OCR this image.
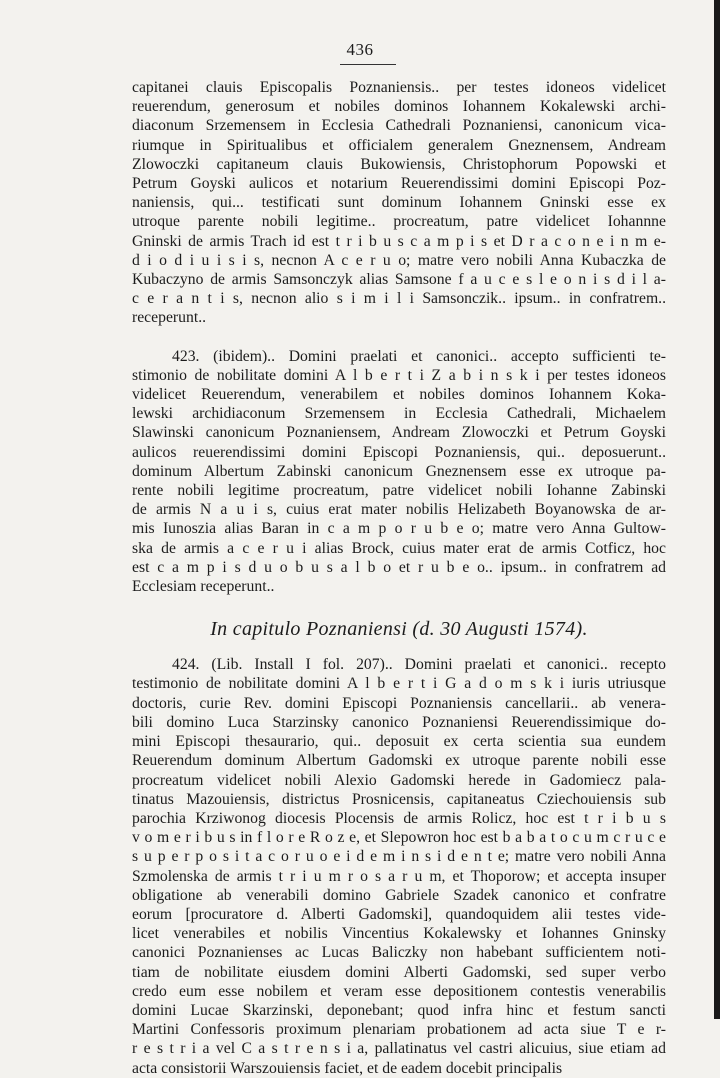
436
capitanei clauis Episcopalis Poznaniensis.. per testes idoneos videlicet
reuerendum, generosum et nobiles dominos Iohannem Kokalewski archi-
diaconum Srzemensem in Ecclesia Cathedrali Poznaniensi, canonicum vica-
riumque in Spiritualibus et officialem generalem Gneznensem, Andream
Zlowoczki capitaneum clauis Bukowiensis, Christophorum Popowski et
Petrum Goyski aulicos et notarium Reuerendissimi domini Episcopi Poz-
naniensis, qui... testificati sunt dominum Iohannem Gninski esse ex
utroque parente nobili legitime.. procreatum, patre videlicet Iohannne
Gninski de armis Trach id est t r i b u s c a m p i s et D r a c o n e i n m e-
d i o d i u i s i s, necnon A c e r u o; matre vero nobili Anna Kubaczka de
Kubaczyno de armis Samsonczyk alias Samsone f a u c e s l e o n i s d i l a-
c e r a n t i s, necnon alio s i m i l i Samsonczik.. ipsum.. in confratrem..
receperunt..
423. (ibidem).. Domini praelati et canonici.. accepto sufficienti te-
stimonio de nobilitate domini A l b e r t i Z a b i n s k i per testes idoneos
videlicet Reuerendum, venerabilem et nobiles dominos Iohannem Koka-
lewski archidiaconum Srzemensem in Ecclesia Cathedrali, Michaelem
Slawinski canonicum Poznaniensem, Andream Zlowoczki et Petrum Goyski
aulicos reuerendissimi domini Episcopi Poznaniensis, qui.. deposuerunt..
dominum Albertum Zabinski canonicum Gneznensem esse ex utroque pa-
rente nobili legitime procreatum, patre videlicet nobili Iohanne Zabinski
de armis N a u i s, cuius erat mater nobilis Helizabeth Boyanowska de ar-
mis Iunoszia alias Baran in c a m p o r u b e o; matre vero Anna Gultow-
ska de armis a c e r u i alias Brock, cuius mater erat de armis Cotficz, hoc
est c a m p i s d u o b u s a l b o et r u b e o.. ipsum.. in confratrem ad
Ecclesiam receperunt..
In capitulo Poznaniensi (d. 30 Augusti 1574).
424. (Lib. Install I fol. 207).. Domini praelati et canonici.. recepto
testimonio de nobilitate domini A l b e r t i G a d o m s k i iuris utriusque
doctoris, curie Rev. domini Episcopi Poznaniensis cancellarii.. ab venera-
bili domino Luca Starzinsky canonico Poznaniensi Reuerendissimique do-
mini Episcopi thesaurario, qui.. deposuit ex certa scientia sua eundem
Reuerendum dominum Albertum Gadomski ex utroque parente nobili esse
procreatum videlicet nobili Alexio Gadomski herede in Gadomiecz pala-
tinatus Mazouiensis, districtus Prosnicensis, capitaneatus Cziechouiensis sub
parochia Krziwonog diocesis Plocensis de armis Rolicz, hoc est t r i b u s
v o m e r i b u s in f l o r e R o z e, et Slepowron hoc est b a b a t o c u m c r u c e
s u p e r p o s i t a c o r u o e i d e m i n s i d e n t e; matre vero nobili Anna
Szmolenska de armis t r i u m r o s a r u m, et Thoporow; et accepta insuper
obligatione ab venerabili domino Gabriele Szadek canonico et confratre
eorum [procuratore d. Alberti Gadomski], quandoquidem alii testes vide-
licet venerabiles et nobilis Vincentius Kokalewsky et Iohannes Gninsky
canonici Poznanienses ac Lucas Baliczky non habebant sufficientem noti-
tiam de nobilitate eiusdem domini Alberti Gadomski, sed super verbo
credo eum esse nobilem et veram esse depositionem contestis venerabilis
domini Lucae Skarzinski, deponebant; quod infra hinc et festum sancti
Martini Confessoris proximum plenariam probationem ad acta siue T e r-
r e s t r i a vel C a s t r e n s i a, pallatinatus vel castri alicuius, siue etiam ad
acta consistorii Warszouiensis faciet, et de eadem docebit principalis
